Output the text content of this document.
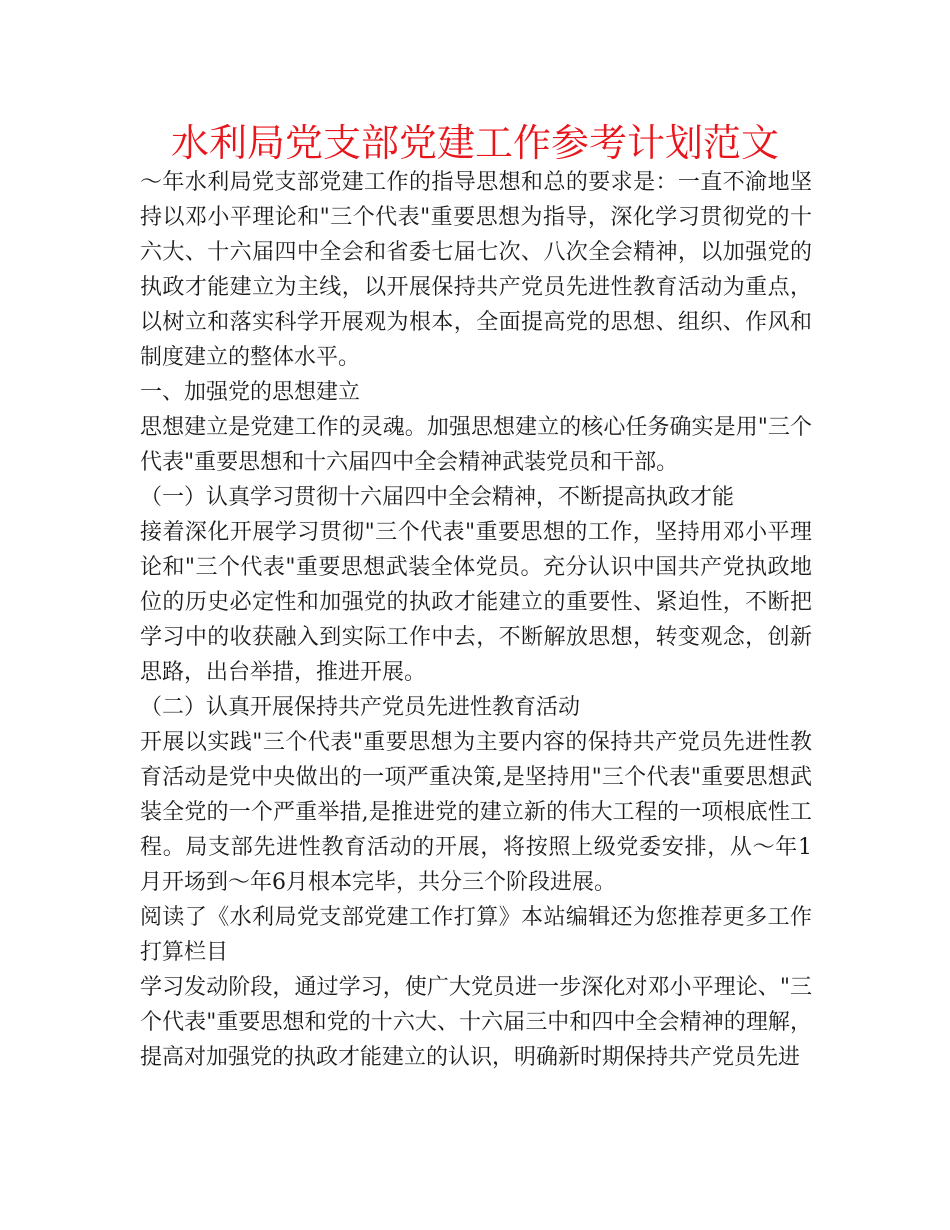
水利局党支部党建工作参考计划范文

～年水利局党支部党建工作的指导思想和总的要求是：一直不渝地坚持以邓小平理论和"三个代表"重要思想为指导，深化学习贯彻党的十六大、十六届四中全会和省委七届七次、八次全会精神，以加强党的执政才能建立为主线，以开展保持共产党员先进性教育活动为重点，以树立和落实科学开展观为根本，全面提高党的思想、组织、作风和制度建立的整体水平。

一、加强党的思想建立

思想建立是党建工作的灵魂。加强思想建立的核心任务确实是用"三个代表"重要思想和十六届四中全会精神武装党员和干部。

（一）认真学习贯彻十六届四中全会精神，不断提高执政才能

接着深化开展学习贯彻"三个代表"重要思想的工作，坚持用邓小平理论和"三个代表"重要思想武装全体党员。充分认识中国共产党执政地位的历史必定性和加强党的执政才能建立的重要性、紧迫性，不断把学习中的收获融入到实际工作中去，不断解放思想，转变观念，创新思路，出台举措，推进开展。

（二）认真开展保持共产党员先进性教育活动

开展以实践"三个代表"重要思想为主要内容的保持共产党员先进性教育活动是党中央做出的一项严重决策,是坚持用"三个代表"重要思想武装全党的一个严重举措,是推进党的建立新的伟大工程的一项根底性工程。局支部先进性教育活动的开展，将按照上级党委安排，从～年1月开场到～年6月根本完毕，共分三个阶段进展。

阅读了《水利局党支部党建工作打算》本站编辑还为您推荐更多工作打算栏目

学习发动阶段，通过学习，使广大党员进一步深化对邓小平理论、"三个代表"重要思想和党的十六大、十六届三中和四中全会精神的理解，提高对加强党的执政才能建立的认识，明确新时期保持共产党员先进
